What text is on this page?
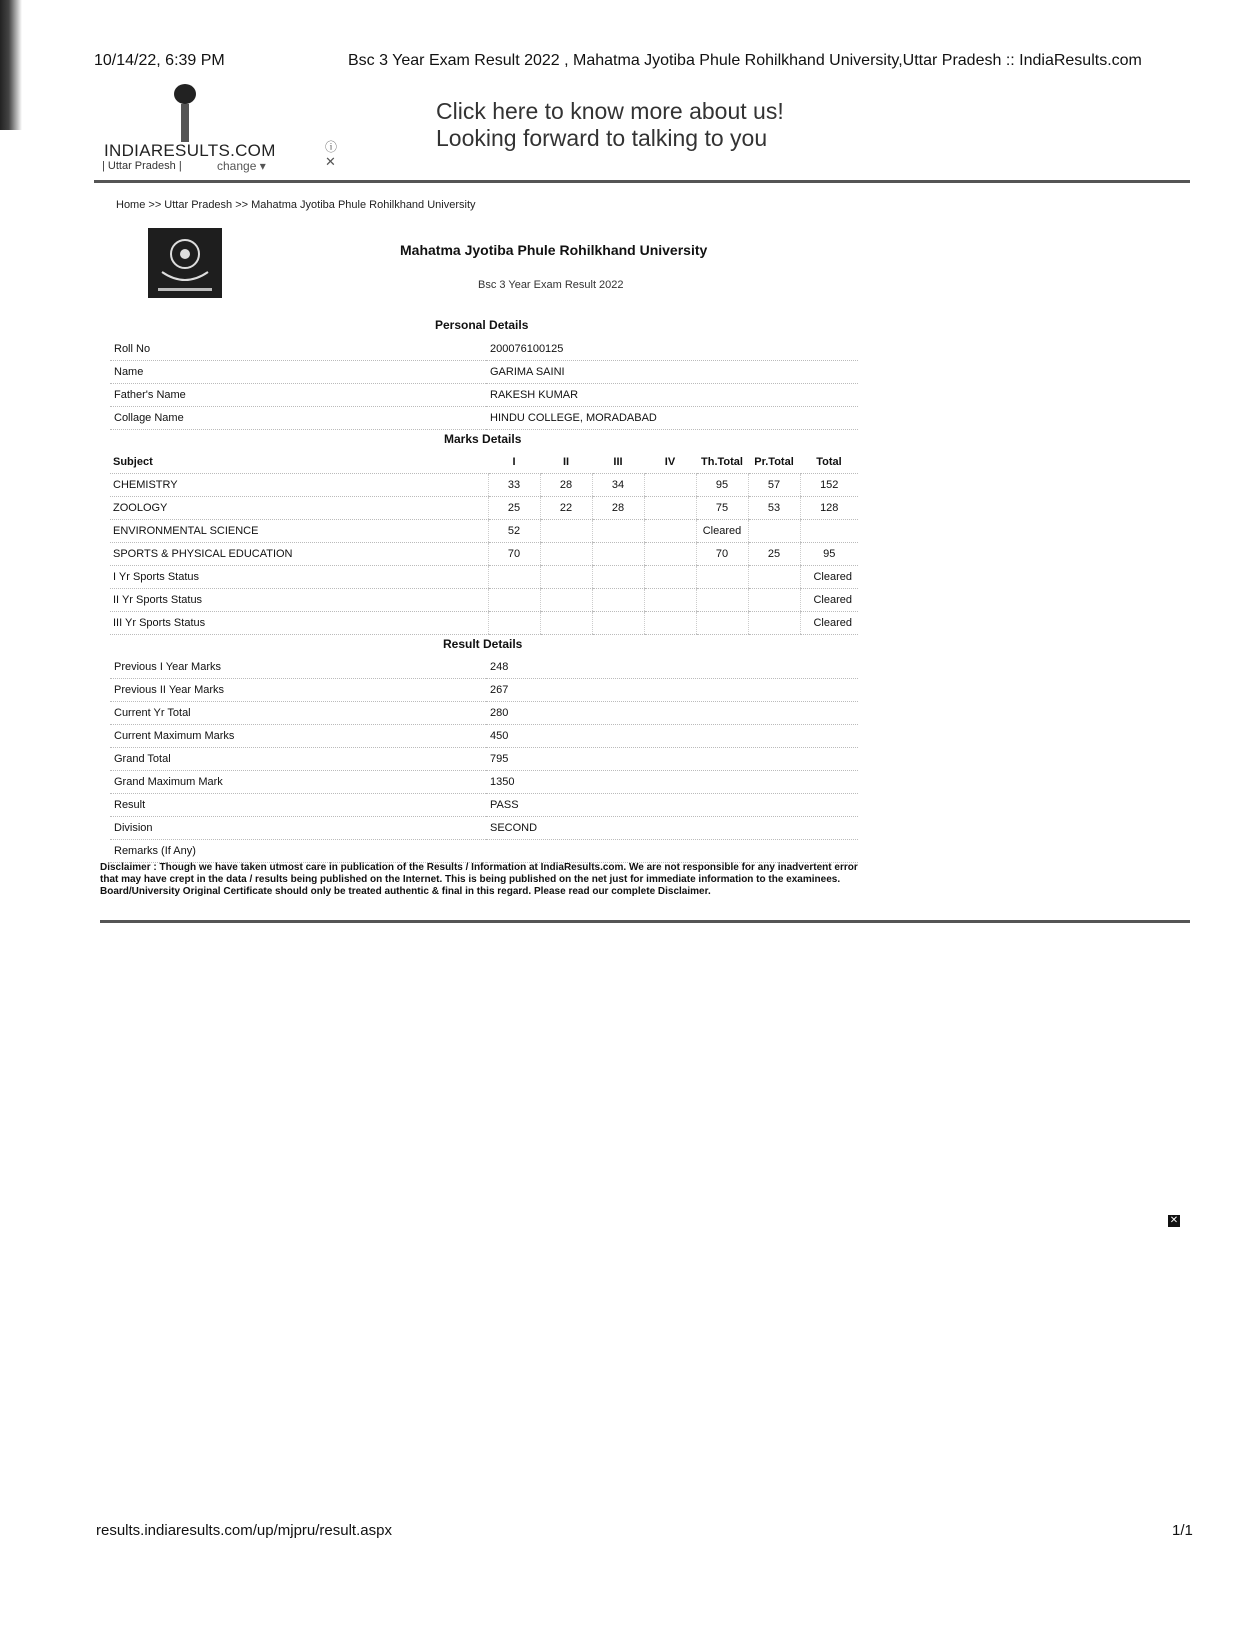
10/14/22, 6:39 PM	Bsc 3 Year Exam Result 2022 , Mahatma Jyotiba Phule Rohilkhand University,Uttar Pradesh :: IndiaResults.com
INDIARESULTS.COM
| Uttar Pradesh |	change ▾
ⓘ
✕
Click here to know more about us!
Looking forward to talking to you
Home >> Uttar Pradesh >> Mahatma Jyotiba Phule Rohilkhand University
Mahatma Jyotiba Phule Rohilkhand University
Bsc 3 Year Exam Result 2022
Personal Details
Roll No	200076100125
Name	GARIMA SAINI
Father's Name	RAKESH KUMAR
Collage Name	HINDU COLLEGE, MORADABAD
Marks Details
Subject	I	II	III	IV	Th.Total	Pr.Total	Total
CHEMISTRY	33	28	34		95	57	152
ZOOLOGY	25	22	28		75	53	128
ENVIRONMENTAL SCIENCE	52				Cleared		
SPORTS & PHYSICAL EDUCATION	70				70	25	95
I Yr Sports Status							Cleared
II Yr Sports Status							Cleared
III Yr Sports Status							Cleared
Result Details
Previous I Year Marks	248
Previous II Year Marks	267
Current Yr Total	280
Current Maximum Marks	450
Grand Total	795
Grand Maximum Mark	1350
Result	PASS
Division	SECOND
Remarks (If Any)	
Disclaimer : Though we have taken utmost care in publication of the Results / Information at IndiaResults.com. We are not responsible for any inadvertent error that may have crept in the data / results being published on the Internet. This is being published on the net just for immediate information to the examinees. Board/University Original Certificate should only be treated authentic & final in this regard. Please read our complete Disclaimer.
✕
results.indiaresults.com/up/mjpru/result.aspx	1/1
